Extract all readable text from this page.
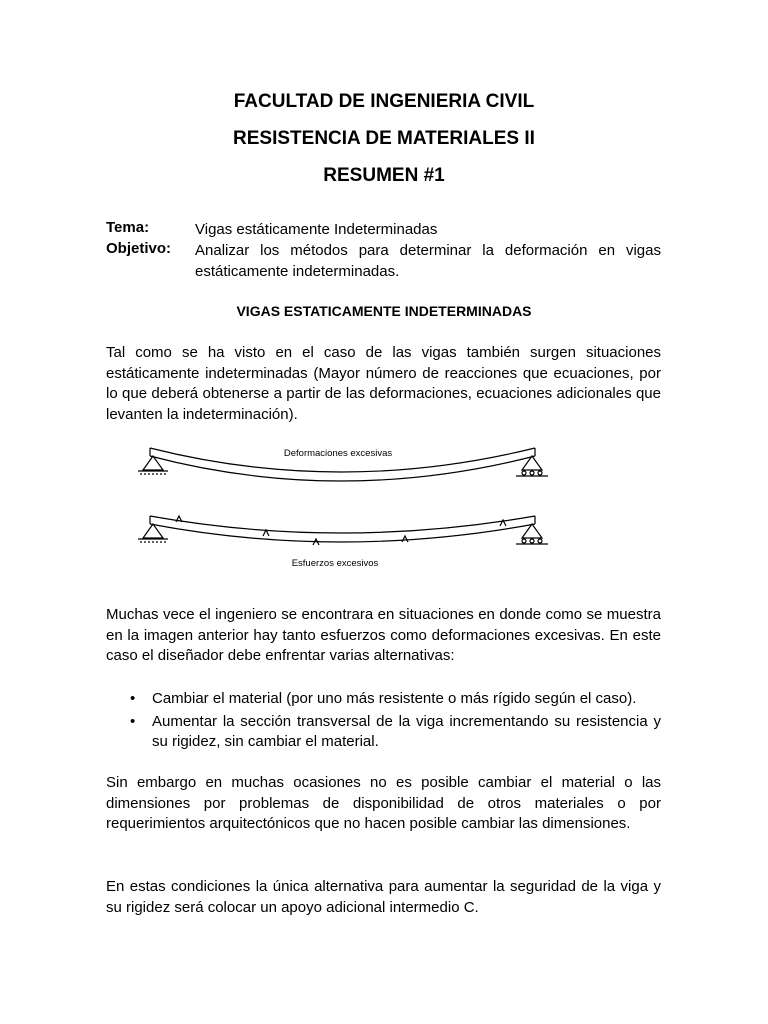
FACULTAD DE INGENIERIA CIVIL
RESISTENCIA DE MATERIALES II
RESUMEN #1
Tema:	Vigas estáticamente Indeterminadas
Objetivo: Analizar los métodos para determinar la deformación en vigas
estáticamente indeterminadas.
VIGAS ESTATICAMENTE INDETERMINADAS
Tal como se ha visto en el caso de las vigas también surgen situaciones estáticamente indeterminadas (Mayor número de reacciones que ecuaciones, por lo que deberá obtenerse a partir de las deformaciones, ecuaciones adicionales que levanten la indeterminación).
Deformaciones excesivas
Esfuerzos excesivos
Muchas vece el ingeniero se encontrara en situaciones en donde como se muestra en la imagen anterior hay tanto esfuerzos como deformaciones excesivas. En este caso el diseñador debe enfrentar varias alternativas:
• Cambiar el material (por uno más resistente o más rígido según el caso).
• Aumentar la sección transversal de la viga incrementando su resistencia y su rigidez, sin cambiar el material.
Sin embargo en muchas ocasiones no es posible cambiar el material o las dimensiones por problemas de disponibilidad de otros materiales o por requerimientos arquitectónicos que no hacen posible cambiar las dimensiones.
En estas condiciones la única alternativa para aumentar la seguridad de la viga y su rigidez será colocar un apoyo adicional intermedio C.
